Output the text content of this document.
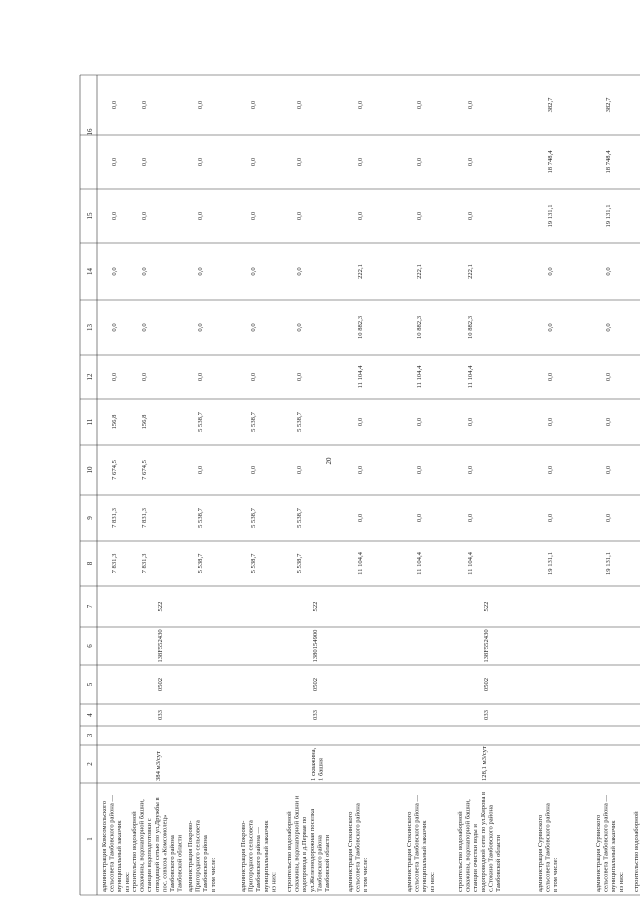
20
1
2
3
4
5
6
7
8
9
10
11
12
13
14
15
16
администрация Комсомольского сельсовета Тамбовского района — муниципальный заказчик из них:
7 831,3
7 831,3
7 674,5
156,8
0,0
0,0
0,0
0,0
0,0
0,0
строительство водозаборной скважины, водонапорной башни, станции водоподготовки с отводящей сетью по ул.Дружбы в пос. совхоза «Комсомолец» Тамбовского района Тамбовской области
384 м3/сут
033
0502
138F552430
522
7 831,3
7 831,3
7 674,5
156,8
0,0
0,0
0,0
0,0
0,0
0,0
администрация Покрово- Пригородного сельсовета Тамбовского района в том числе:
5 538,7
5 538,7
0,0
5 538,7
0,0
0,0
0,0
0,0
0,0
0,0
администрация Покрово- Пригородного сельсовета Тамбовского района — муниципальный заказчик из них:
5 538,7
5 538,7
0,0
5 538,7
0,0
0,0
0,0
0,0
0,0
0,0
строительство водозаборной скважины, водонапорной башни и водопровода в д.Первая по ул.Железнодорожная поселка Тамбовского района Тамбовской области
1 скважина, 1 башня
033
0502
1380154900
522
5 538,7
5 538,7
0,0
5 538,7
0,0
0,0
0,0
0,0
0,0
0,0
администрация Стокинского сельсовета Тамбовского района в том числе:
11 104,4
0,0
0,0
0,0
11 104,4
10 882,3
222,1
0,0
0,0
0,0
администрация Стокинского сельсовета Тамбовского района — муниципальный заказчик из них:
11 104,4
0,0
0,0
0,0
11 104,4
10 882,3
222,1
0,0
0,0
0,0
строительство водозаборной скважины, водонапорной башни, станции очистки воды и водопроводной сети по ул.Кирова в с.Стокино Тамбовского района Тамбовской области
128,1 м3/сут
033
0502
138F552430
522
11 104,4
0,0
0,0
0,0
11 104,4
10 882,3
222,1
0,0
0,0
0,0
администрация Сурвиского сельсовета Тамбовского района в том числе:
19 131,1
0,0
0,0
0,0
0,0
0,0
0,0
19 131,1
18 748,4
382,7
администрация Сурвиского сельсовета Тамбовского района — муниципальный заказчик из них:
19 131,1
0,0
0,0
0,0
0,0
0,0
0,0
19 131,1
18 748,4
382,7
строительство водозаборной
